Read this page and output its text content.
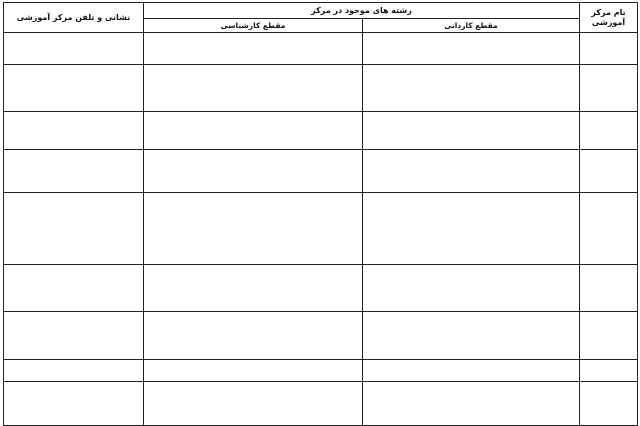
نام مرکز آموزشی	رشته های موجود در مرکز		نشانی و تلفن مرکز آموزشی
	مقطع کاردانی	مقطع کارشناسی	
